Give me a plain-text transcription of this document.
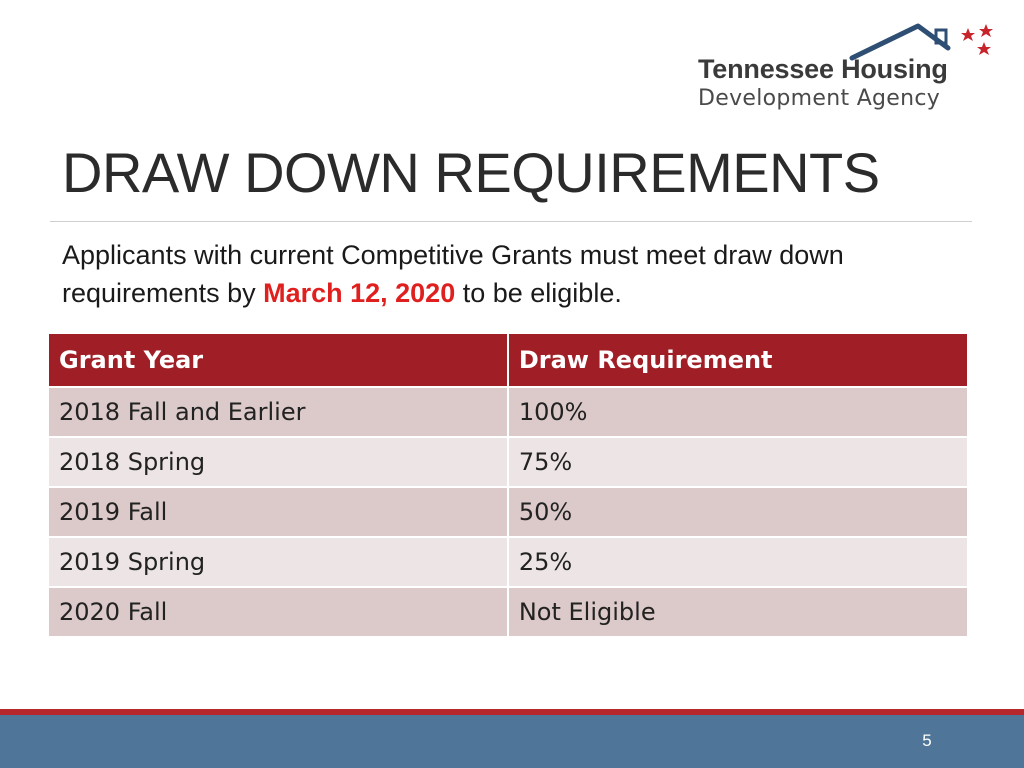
Tennessee Housing
Development Agency
DRAW DOWN REQUIREMENTS
Applicants with current Competitive Grants must meet draw down requirements by March 12, 2020 to be eligible.
Grant Year	Draw Requirement
2018 Fall and Earlier	100%
2018 Spring	75%
2019 Fall	50%
2019 Spring	25%
2020 Fall	Not Eligible
5
